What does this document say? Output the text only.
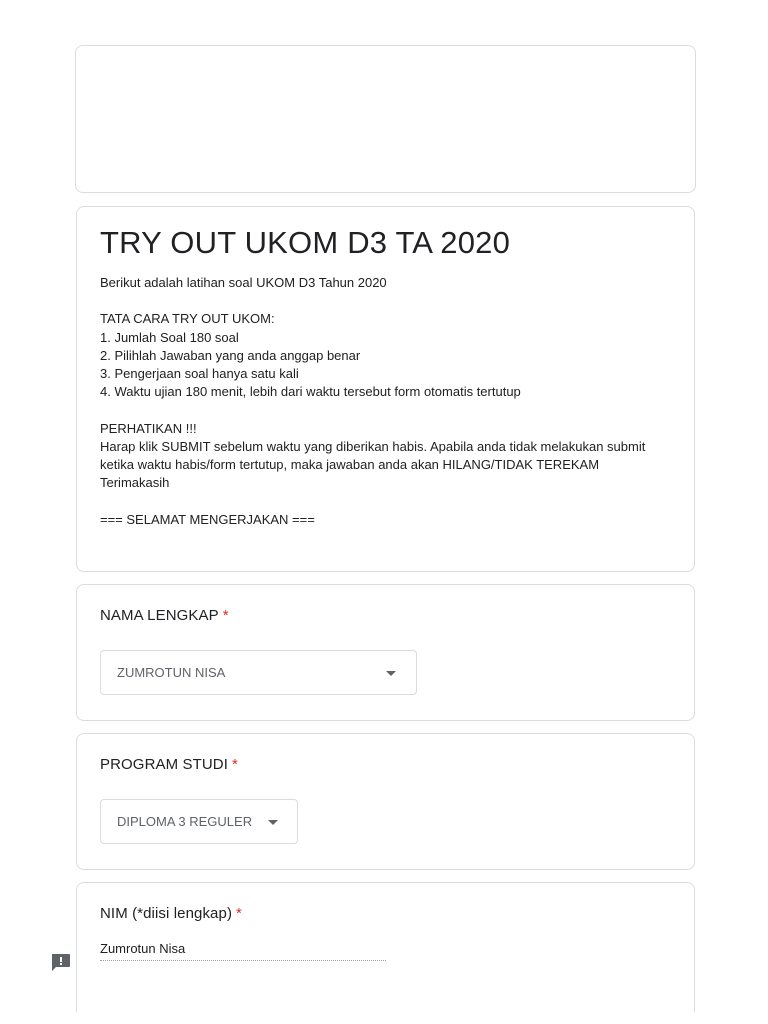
TRY OUT UKOM D3 TA 2020

Berikut adalah latihan soal UKOM D3 Tahun 2020

TATA CARA TRY OUT UKOM:
1. Jumlah Soal 180 soal
2. Pilihlah Jawaban yang anda anggap benar
3. Pengerjaan soal hanya satu kali
4. Waktu ujian 180 menit, lebih dari waktu tersebut form otomatis tertutup

PERHATIKAN !!!
Harap klik SUBMIT sebelum waktu yang diberikan habis. Apabila anda tidak melakukan submit ketika waktu habis/form tertutup, maka jawaban anda akan HILANG/TIDAK TEREKAM
Terimakasih

=== SELAMAT MENGERJAKAN ===

NAMA LENGKAP *
ZUMROTUN NISA
PROGRAM STUDI *
DIPLOMA 3 REGULER
NIM (*diisi lengkap) *
Zumrotun Nisa
